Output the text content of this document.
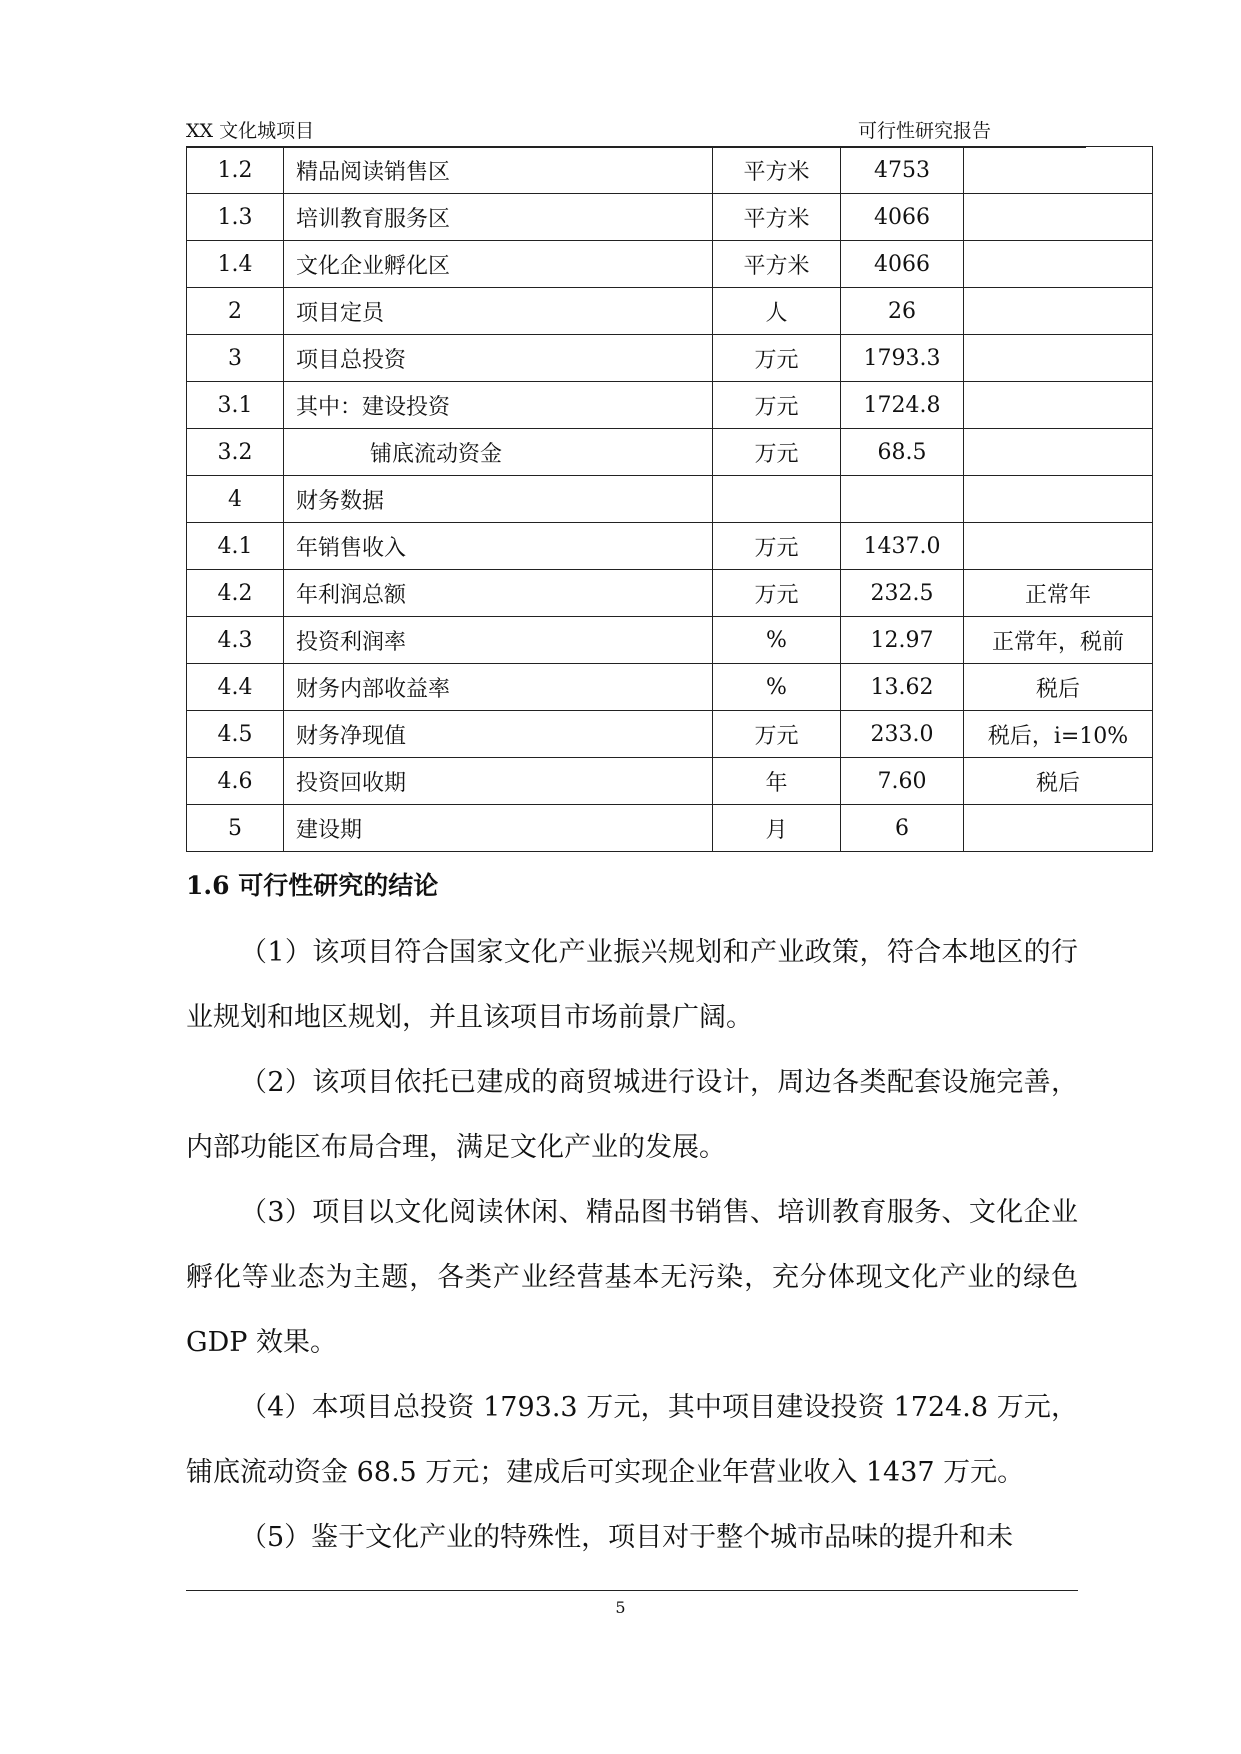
XX 文化城项目	可行性研究报告
1.2	精品阅读销售区	平方米	4753	
1.3	培训教育服务区	平方米	4066	
1.4	文化企业孵化区	平方米	4066	
2	项目定员	人	26	
3	项目总投资	万元	1793.3	
3.1	其中：建设投资	万元	1724.8	
3.2	铺底流动资金	万元	68.5	
4	财务数据			
4.1	年销售收入	万元	1437.0	
4.2	年利润总额	万元	232.5	正常年
4.3	投资利润率	%	12.97	正常年，税前
4.4	财务内部收益率	%	13.62	税后
4.5	财务净现值	万元	233.0	税后，i=10%
4.6	投资回收期	年	7.60	税后
5	建设期	月	6	
1.6 可行性研究的结论

（1）该项目符合国家文化产业振兴规划和产业政策，符合本地区的行业规划和地区规划，并且该项目市场前景广阔。

（2）该项目依托已建成的商贸城进行设计，周边各类配套设施完善，内部功能区布局合理，满足文化产业的发展。

（3）项目以文化阅读休闲、精品图书销售、培训教育服务、文化企业孵化等业态为主题，各类产业经营基本无污染，充分体现文化产业的绿色 GDP 效果。

（4）本项目总投资 1793.3 万元，其中项目建设投资 1724.8 万元，铺底流动资金 68.5 万元；建成后可实现企业年营业收入 1437 万元。

（5）鉴于文化产业的特殊性，项目对于整个城市品味的提升和未

5
